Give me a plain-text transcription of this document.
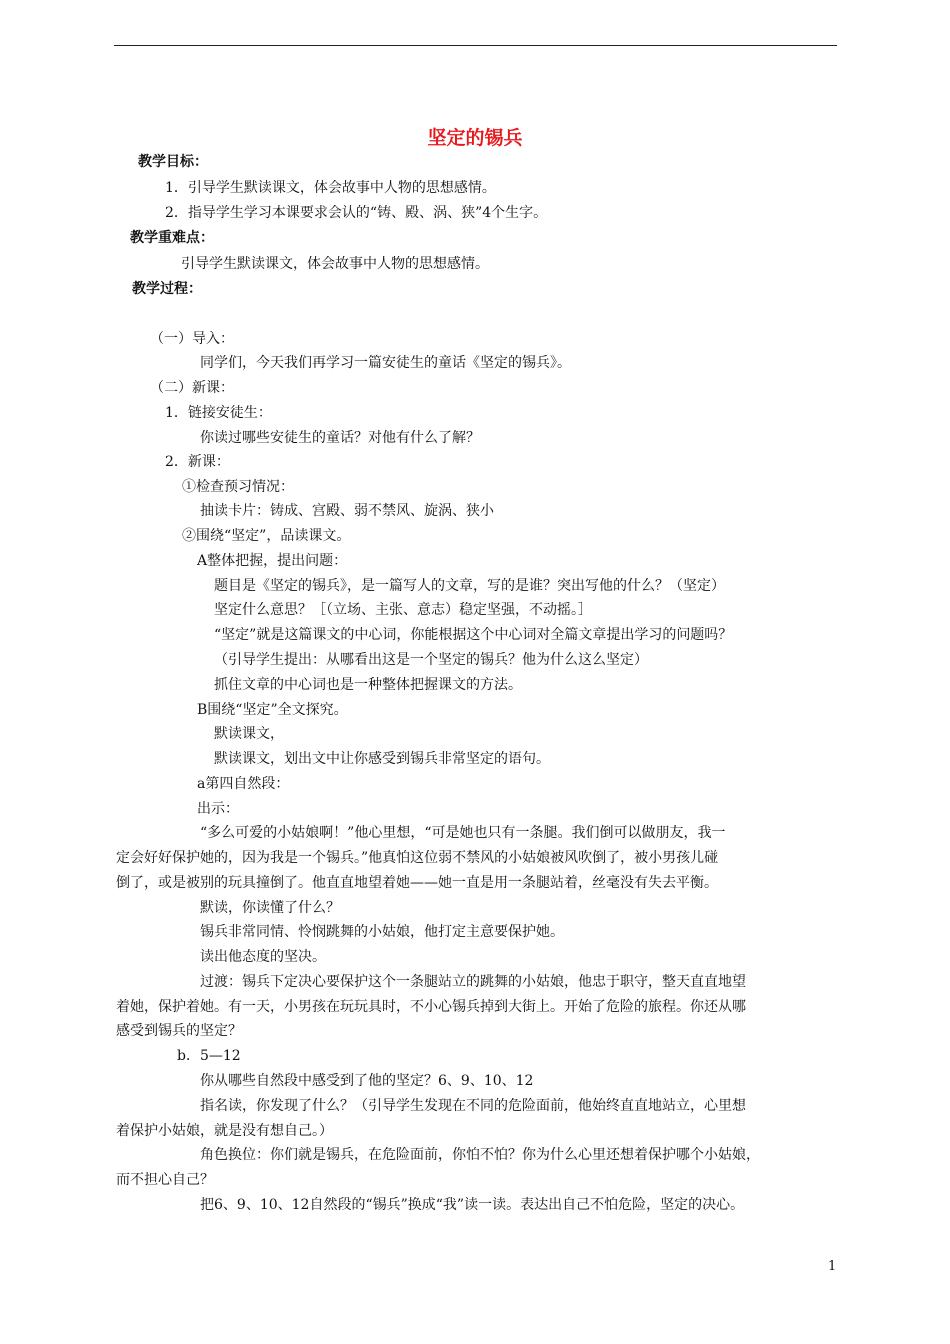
坚定的锡兵
教学目标：
1．引导学生默读课文，体会故事中人物的思想感情。
2．指导学生学习本课要求会认的“铸、殿、涡、狭”4个生字。
教学重难点：
引导学生默读课文，体会故事中人物的思想感情。
教学过程：
（一）导入：
同学们，今天我们再学习一篇安徒生的童话《坚定的锡兵》。
（二）新课：
1．链接安徒生：
你读过哪些安徒生的童话？对他有什么了解？
2．新课：
①检查预习情况：
抽读卡片：铸成、宫殿、弱不禁风、旋涡、狭小
②围绕“坚定”，品读课文。
A整体把握，提出问题：
题目是《坚定的锡兵》，是一篇写人的文章，写的是谁？突出写他的什么？（坚定）
坚定什么意思？［（立场、主张、意志）稳定坚强，不动摇。］
“坚定”就是这篇课文的中心词，你能根据这个中心词对全篇文章提出学习的问题吗？
（引导学生提出：从哪看出这是一个坚定的锡兵？他为什么这么坚定）
抓住文章的中心词也是一种整体把握课文的方法。
B围绕“坚定”全文探究。
默读课文，
默读课文，划出文中让你感受到锡兵非常坚定的语句。
a第四自然段：
出示：
“多么可爱的小姑娘啊！”他心里想，“可是她也只有一条腿。我们倒可以做朋友，我一
定会好好保护她的，因为我是一个锡兵。”他真怕这位弱不禁风的小姑娘被风吹倒了，被小男孩儿碰
倒了，或是被别的玩具撞倒了。他直直地望着她——她一直是用一条腿站着，丝毫没有失去平衡。
默读，你读懂了什么？
锡兵非常同情、怜悯跳舞的小姑娘，他打定主意要保护她。
读出他态度的坚决。
过渡：锡兵下定决心要保护这个一条腿站立的跳舞的小姑娘，他忠于职守，整天直直地望
着她，保护着她。有一天，小男孩在玩玩具时，不小心锡兵掉到大街上。开始了危险的旅程。你还从哪
感受到锡兵的坚定？
b．5—12
你从哪些自然段中感受到了他的坚定？6、9、10、12
指名读，你发现了什么？（引导学生发现在不同的危险面前，他始终直直地站立，心里想
着保护小姑娘，就是没有想自己。）
角色换位：你们就是锡兵，在危险面前，你怕不怕？你为什么心里还想着保护哪个小姑娘，
而不担心自己？
把6、9、10、12自然段的“锡兵”换成“我”读一读。表达出自己不怕危险，坚定的决心。
1
